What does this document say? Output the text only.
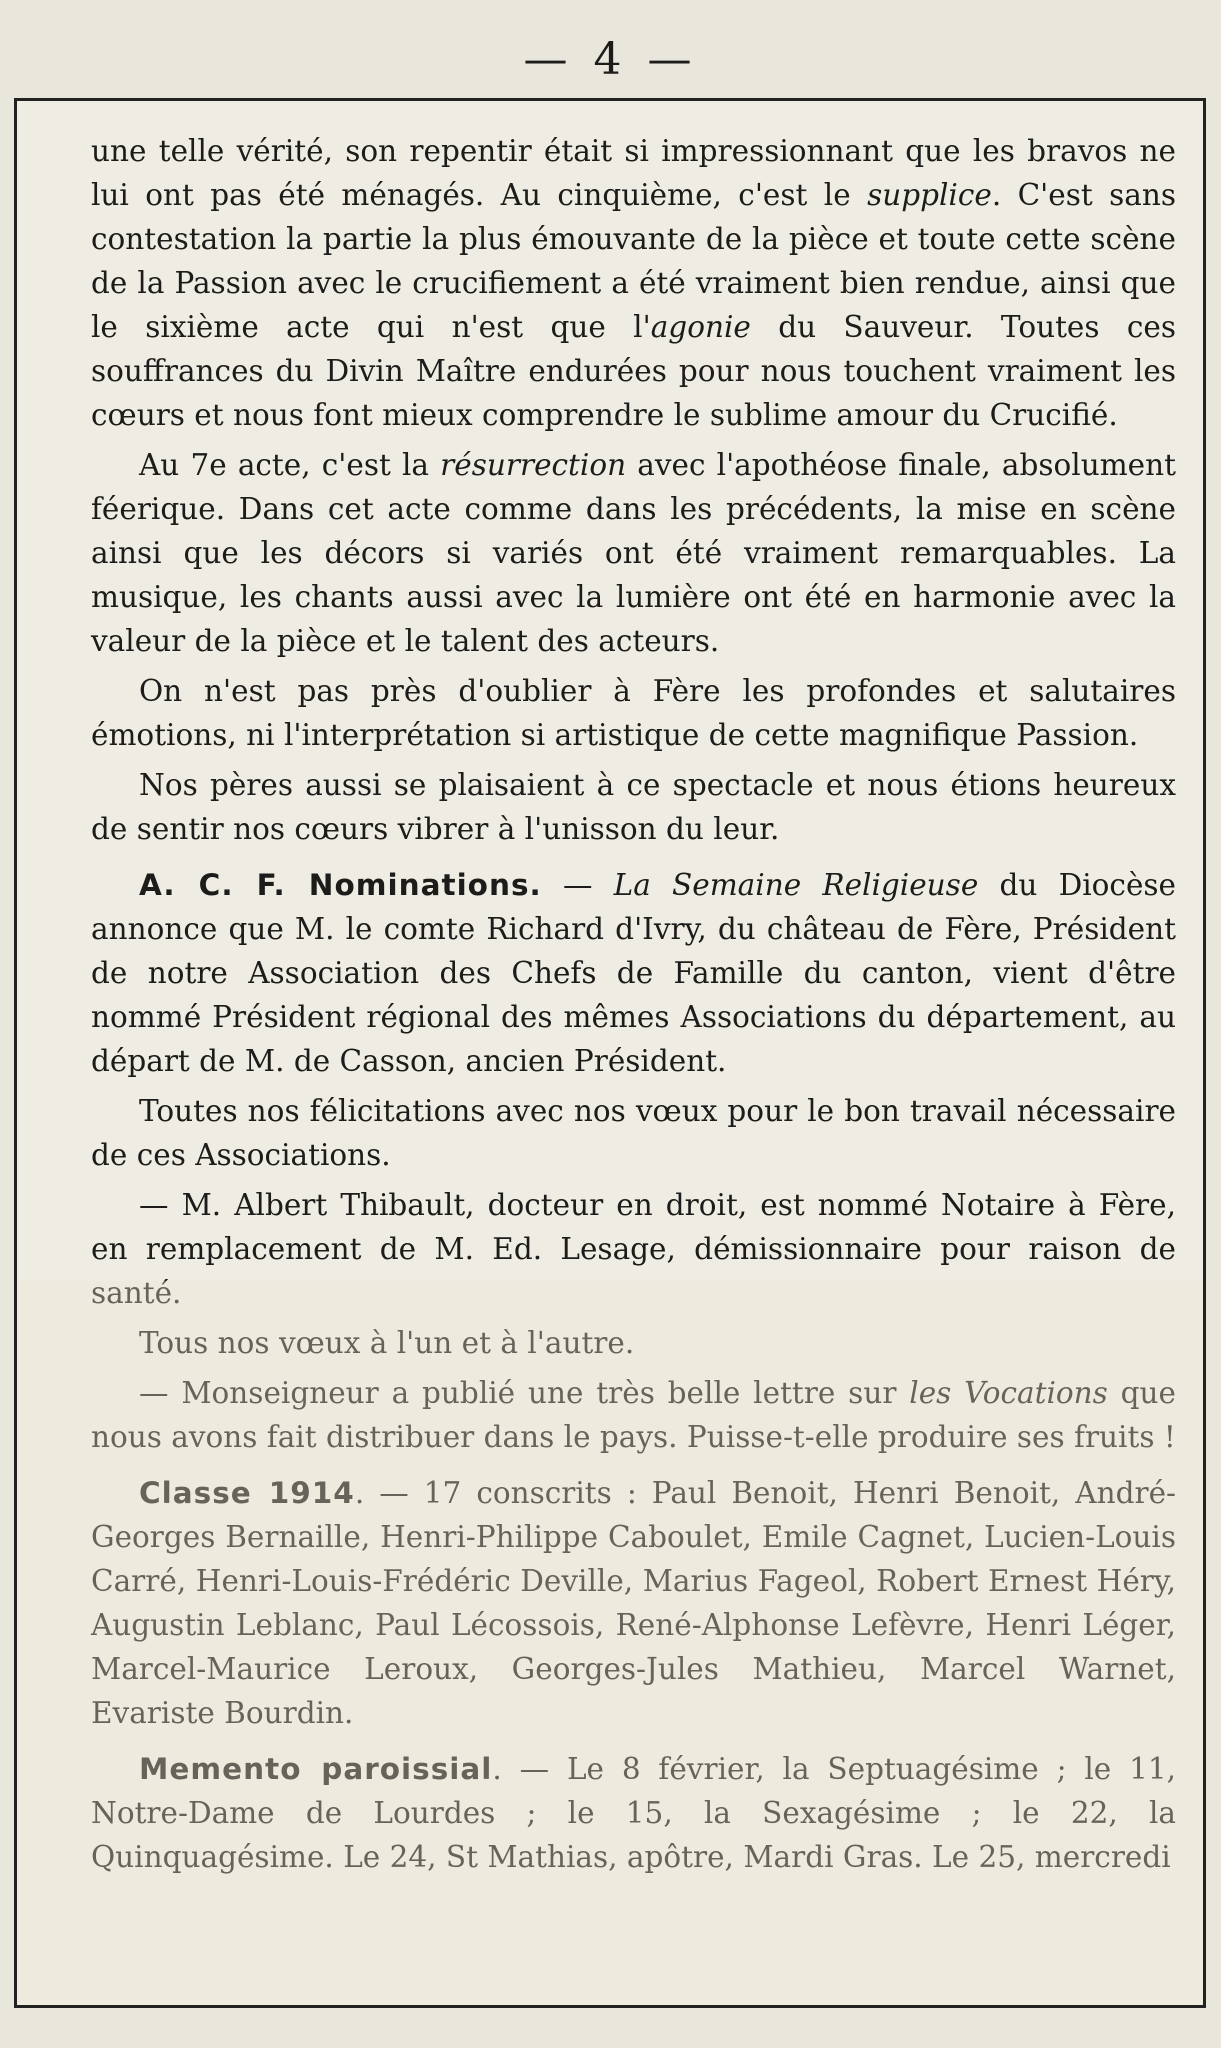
— 4 —

une telle vérité, son repentir était si impressionnant que les bravos ne lui ont pas été ménagés. Au cinquième, c'est le supplice. C'est sans contestation la partie la plus émouvante de la pièce et toute cette scène de la Passion avec le crucifiement a été vraiment bien rendue, ainsi que le sixième acte qui n'est que l'agonie du Sauveur. Toutes ces souffrances du Divin Maître endurées pour nous touchent vraiment les cœurs et nous font mieux comprendre le sublime amour du Crucifié.

Au 7e acte, c'est la résurrection avec l'apothéose finale, absolument féerique. Dans cet acte comme dans les précédents, la mise en scène ainsi que les décors si variés ont été vraiment remarquables. La musique, les chants aussi avec la lumière ont été en harmonie avec la valeur de la pièce et le talent des acteurs.

On n'est pas près d'oublier à Fère les profondes et salutaires émotions, ni l'interprétation si artistique de cette magnifique Passion.

Nos pères aussi se plaisaient à ce spectacle et nous étions heureux de sentir nos cœurs vibrer à l'unisson du leur.

A. C. F. Nominations. — La Semaine Religieuse du Diocèse annonce que M. le comte Richard d'Ivry, du château de Fère, Président de notre Association des Chefs de Famille du canton, vient d'être nommé Président régional des mêmes Associations du département, au départ de M. de Casson, ancien Président.

Toutes nos félicitations avec nos vœux pour le bon travail nécessaire de ces Associations.

— M. Albert Thibault, docteur en droit, est nommé Notaire à Fère, en remplacement de M. Ed. Lesage, démissionnaire pour raison de santé.

Tous nos vœux à l'un et à l'autre.

— Monseigneur a publié une très belle lettre sur les Vocations que nous avons fait distribuer dans le pays. Puisse-t-elle produire ses fruits !

Classe 1914. — 17 conscrits : Paul Benoit, Henri Benoit, André-Georges Bernaille, Henri-Philippe Caboulet, Emile Cagnet, Lucien-Louis Carré, Henri-Louis-Frédéric Deville, Marius Fageol, Robert Ernest Héry, Augustin Leblanc, Paul Lécossois, René-Alphonse Lefèvre, Henri Léger, Marcel-Maurice Leroux, Georges-Jules Mathieu, Marcel Warnet, Evariste Bourdin.

Memento paroissial. — Le 8 février, la Septuagésime ; le 11, Notre-Dame de Lourdes ; le 15, la Sexagésime ; le 22, la Quinquagésime. Le 24, St Mathias, apôtre, Mardi Gras. Le 25, mercredi
